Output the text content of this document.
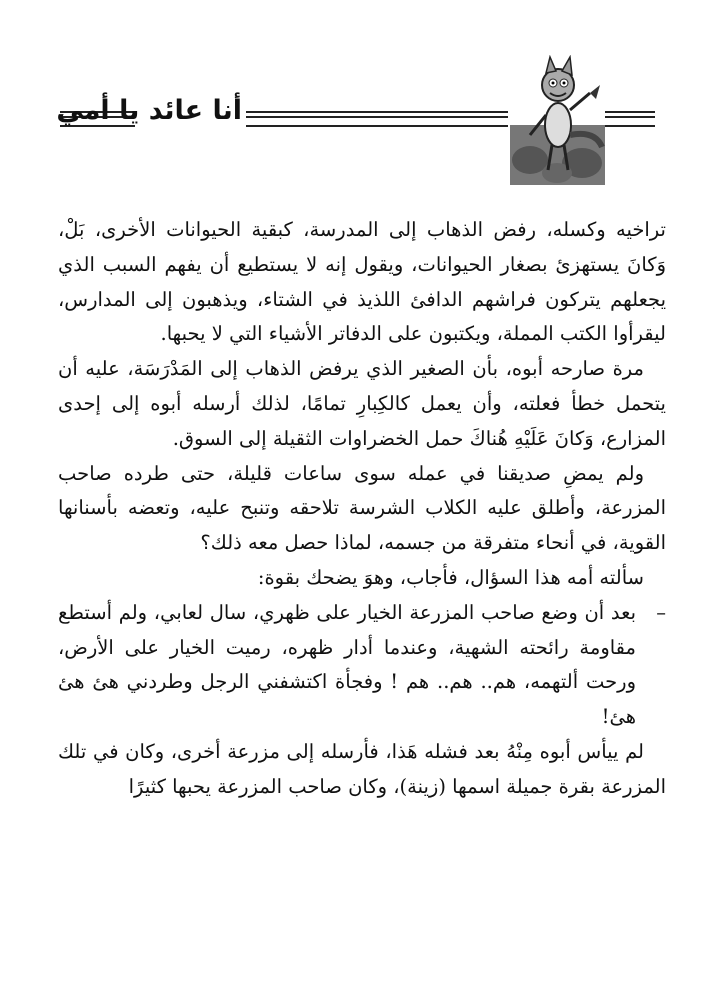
أنا عائد يا أمي

تراخيه وكسله، رفض الذهاب إلى المدرسة، كبقية الحيوانات الأخرى، بَلْ، وَكانَ يستهزئ بصغار الحيوانات، ويقول إنه لا يستطيع أن يفهم السبب الذي يجعلهم يتركون فراشهم الدافئ اللذيذ في الشتاء، ويذهبون إلى المدارس، ليقرأوا الكتب المملة، ويكتبون على الدفاتر الأشياء التي لا يحبها.

مرة صارحه أبوه، بأن الصغير الذي يرفض الذهاب إلى المَدْرَسَة، عليه أن يتحمل خطأ فعلته، وأن يعمل كالكِبارِ تمامًا، لذلك أرسله أبوه إلى إحدى المزارع، وَكانَ عَلَيْهِ هُناكَ حمل الخضراوات الثقيلة إلى السوق.

ولم يمضِ صديقنا في عمله سوى ساعات قليلة، حتى طرده صاحب المزرعة، وأطلق عليه الكلاب الشرسة تلاحقه وتنبح عليه، وتعضه بأسنانها القوية، في أنحاء متفرقة من جسمه، لماذا حصل معه ذلك؟

سألته أمه هذا السؤال، فأجاب، وهوَ يضحك بقوة:

–
بعد أن وضع صاحب المزرعة الخيار على ظهري، سال لعابي، ولم أستطع مقاومة رائحته الشهية، وعندما أدار ظهره، رميت الخيار على الأرض، ورحت ألتهمه، هم.. هم.. هم ! وفجأة اكتشفني الرجل وطردني هئ هئ هئ!

لم ييأس أبوه مِنْهُ بعد فشله هَذا، فأرسله إلى مزرعة أخرى، وكان في تلك المزرعة بقرة جميلة اسمها (زينة)، وكان صاحب المزرعة يحبها كثيرًا
